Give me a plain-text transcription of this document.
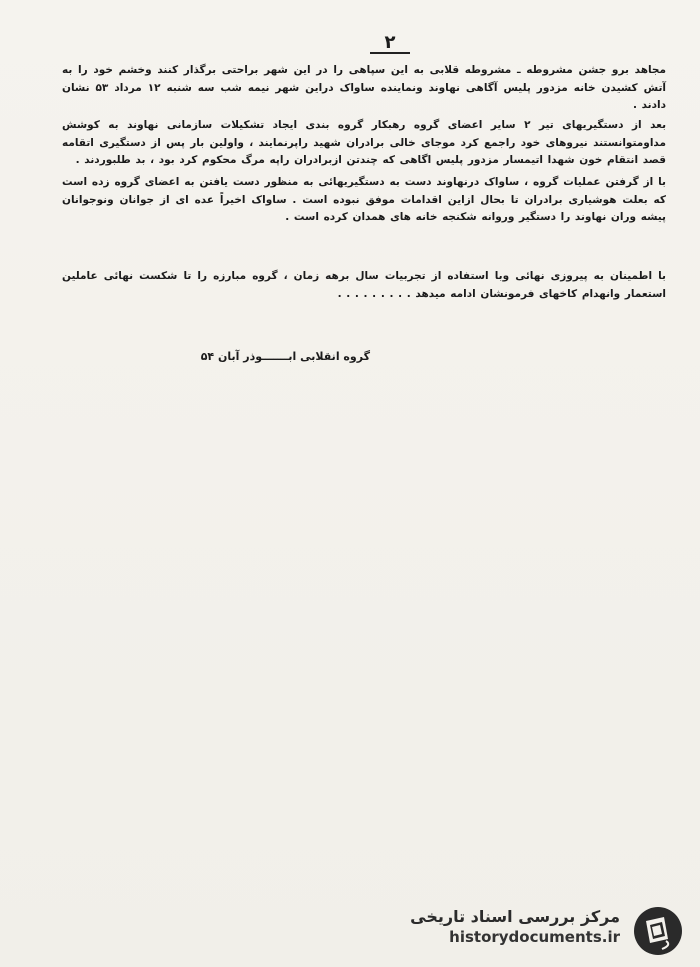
۲
مجاهد برو جشن مشروطه ـ مشروطه قلابی به این سپاهی را در این شهر براحتی برگذار کنند وخشم خود را به آتش کشیدن خانه مزدور پلیس آگاهی نهاوند ونماینده ساواک دراین شهر نیمه شب سه شنبه ۱۲ مرداد ۵۳ نشان دادند .
بعد از دستگیریهای تیر ۲ سایر اعضای گروه رهبکار گروه بندی ایجاد تشکیلات سازمانی نهاوند به کوشش مداومتوانستند نیروهای خود راجمع کرد موجای خالی برادران شهید راپرنمایند ، واولین بار پس از دستگیری اتقامه قصد انتقام خون شهدا اتیمسار مزدور پلیس اگاهی که چندتن ازبرادران راپه مرگ محکوم کرد بود ، بد طلبوردند .
با از گرفتن عملیات گروه ، ساواک درنهاوند دست به دستگیریهائی به منظور دست یافتن به اعضای گروه زده است که بعلت هوشیاری برادران تا بحال ازاین اقدامات موفق نبوده است . ساواک اخیراً عده ای از جوانان ونوجوانان پیشه وران نهاوند را دستگیر وروانه شکنجه خانه های همدان کرده است .
با اطمینان به پیروزی نهائی وبا استفاده از تجربیات سال برهه زمان ، گروه مبارزه را تا شکست نهائی عاملین استعمار وانهدام کاخهای فرمونشان ادامه میدهد . . . . . . . . .
گروه انقلابی ابـــــــوذر آبان ۵۴
مرکز بررسی اسناد تاریخی
historydocuments.ir
